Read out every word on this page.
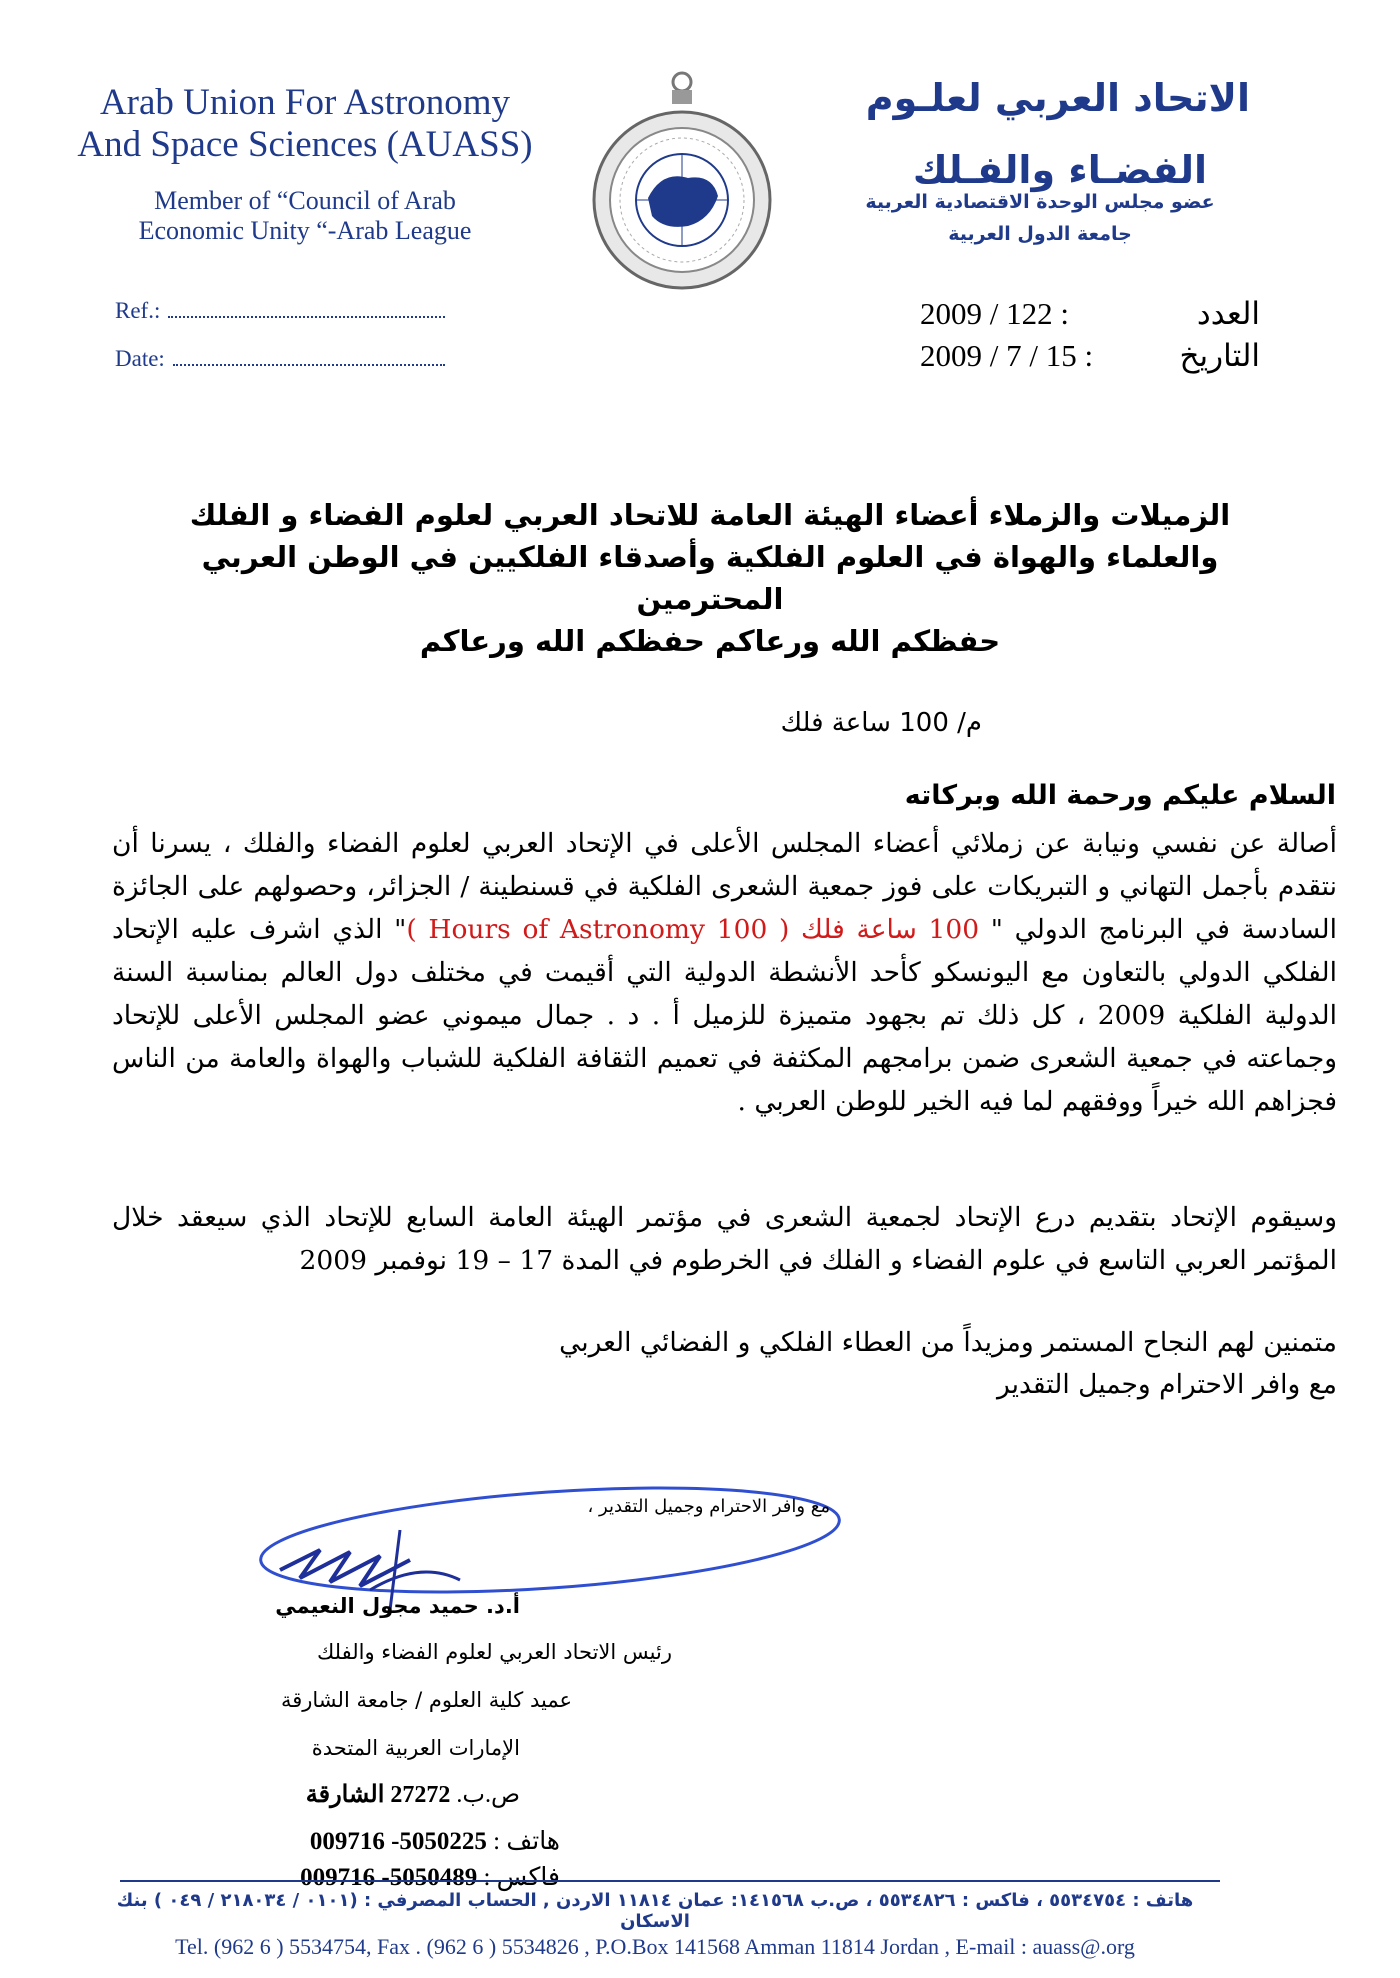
Arab Union For Astronomy
And Space Sciences (AUASS)
Member of “Council of Arab
Economic Unity “-Arab League
الاتحاد العربي لعلـوم
الفضـاء والفـلك
عضو مجلس الوحدة الاقتصادية العربية
جامعة الدول العربية
Ref.:
Date:
العدد
2009 / 122 :
التاريخ
2009 / 7 / 15 :
الزميلات والزملاء أعضاء الهيئة العامة للاتحاد العربي لعلوم الفضاء و الفلك
والعلماء والهواة في العلوم الفلكية وأصدقاء الفلكيين في الوطن العربي
المحترمين
حفظكم الله ورعاكم حفظكم الله ورعاكم
م/ 100 ساعة فلك
السلام عليكم ورحمة الله وبركاته
أصالة عن نفسي ونيابة عن زملائي أعضاء المجلس الأعلى في الإتحاد العربي لعلوم الفضاء والفلك ، يسرنا أن نتقدم بأجمل التهاني و التبريكات على فوز جمعية الشعرى الفلكية في قسنطينة / الجزائر، وحصولهم على الجائزة السادسة في البرنامج الدولي " 100 ساعة فلك ( 100 Hours of Astronomy )" الذي اشرف عليه الإتحاد الفلكي الدولي بالتعاون مع اليونسكو كأحد الأنشطة الدولية التي أقيمت في مختلف دول العالم بمناسبة السنة الدولية الفلكية 2009 ، كل ذلك تم بجهود متميزة للزميل أ . د . جمال ميموني عضو المجلس الأعلى للإتحاد وجماعته في جمعية الشعرى ضمن برامجهم المكثفة في تعميم الثقافة الفلكية للشباب والهواة والعامة من الناس فجزاهم الله خيراً ووفقهم لما فيه الخير للوطن العربي .
وسيقوم الإتحاد بتقديم درع الإتحاد لجمعية الشعرى في مؤتمر الهيئة العامة السابع للإتحاد الذي سيعقد خلال المؤتمر العربي التاسع في علوم الفضاء و الفلك في الخرطوم في المدة 17 – 19 نوفمبر 2009
متمنين لهم النجاح المستمر ومزيداً من العطاء الفلكي و الفضائي العربي
مع وافر الاحترام وجميل التقدير
مع وافر الاحترام وجميل التقدير ،
أ.د. حميد مجول النعيمي
رئيس الاتحاد العربي لعلوم الفضاء والفلك
عميد كلية العلوم / جامعة الشارقة
الإمارات العربية المتحدة
ص.ب. 27272 الشارقة
هاتف : 009716 -5050225
فاكس : 009716 -5050489
هاتف : ٥٥٣٤٧٥٤ ، فاكس : ٥٥٣٤٨٢٦ ، ص.ب ١٤١٥٦٨: عمان ١١٨١٤ الاردن , الحساب المصرفي : (٠١٠١ / ٢١٨٠٣٤ / ٠٤٩ ) بنك الاسكان
Tel. (962 6 ) 5534754, Fax . (962 6 ) 5534826 , P.O.Box 141568 Amman 11814 Jordan , E-mail : auass@.org
